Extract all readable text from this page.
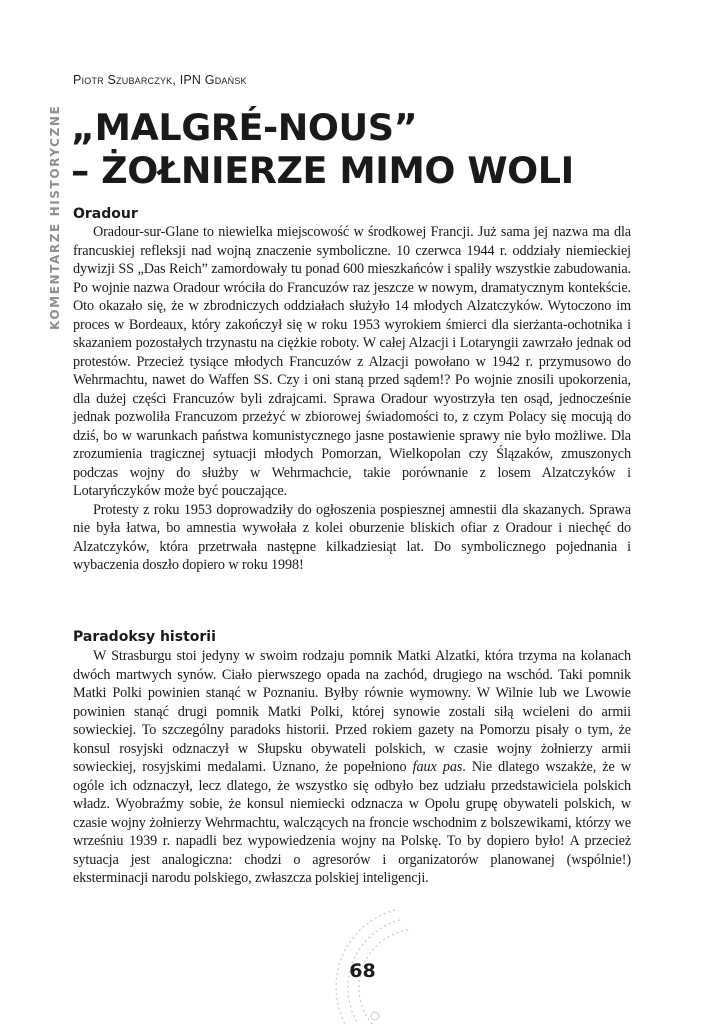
KOMENTARZE HISTORYCZNE
Piotr Szubarczyk, IPN Gdańsk
„MALGRÉ-NOUS”
– ŻOŁNIERZE MIMO WOLI
Oradour

Oradour-sur-Glane to niewielka miejscowość w środkowej Francji. Już sama jej nazwa ma dla francuskiej refleksji nad wojną znaczenie symboliczne. 10 czerwca 1944 r. oddziały niemieckiej dywizji SS „Das Reich” zamordowały tu ponad 600 mieszkańców i spaliły wszystkie zabudowania. Po wojnie nazwa Oradour wróciła do Francuzów raz jeszcze w nowym, dramatycznym kontekście. Oto okazało się, że w zbrodniczych oddziałach służyło 14 młodych Alzatczyków. Wytoczono im proces w Bordeaux, który zakończył się w roku 1953 wyrokiem śmierci dla sierżanta-ochotnika i skazaniem pozostałych trzynastu na ciężkie roboty. W całej Alzacji i Lotaryngii zawrzało jednak od protestów. Przecież tysiące młodych Francuzów z Alzacji powołano w 1942 r. przymusowo do Wehrmachtu, nawet do Waffen SS. Czy i oni staną przed sądem!? Po wojnie znosili upokorzenia, dla dużej części Francuzów byli zdrajcami. Sprawa Oradour wyostrzyła ten osąd, jednocześnie jednak pozwoliła Francuzom przeżyć w zbiorowej świadomości to, z czym Polacy się mocują do dziś, bo w warunkach państwa komunistycznego jasne postawienie sprawy nie było możliwe. Dla zrozumienia tragicznej sytuacji młodych Pomorzan, Wielkopolan czy Ślązaków, zmuszonych podczas wojny do służby w Wehrmachcie, takie porównanie z losem Alzatczyków i Lotaryńczyków może być pouczające.

Protesty z roku 1953 doprowadziły do ogłoszenia pospiesznej amnestii dla skazanych. Sprawa nie była łatwa, bo amnestia wywołała z kolei oburzenie bliskich ofiar z Oradour i niechęć do Alzatczyków, która przetrwała następne kilkadziesiąt lat. Do symbolicznego pojednania i wybaczenia doszło dopiero w roku 1998!

Paradoksy historii

W Strasburgu stoi jedyny w swoim rodzaju pomnik Matki Alzatki, która trzyma na kolanach dwóch martwych synów. Ciało pierwszego opada na zachód, drugiego na wschód. Taki pomnik Matki Polki powinien stanąć w Poznaniu. Byłby równie wymowny. W Wilnie lub we Lwowie powinien stanąć drugi pomnik Matki Polki, której synowie zostali siłą wcieleni do armii sowieckiej. To szczególny paradoks historii. Przed rokiem gazety na Pomorzu pisały o tym, że konsul rosyjski odznaczył w Słupsku obywateli polskich, w czasie wojny żołnierzy armii sowieckiej, rosyjskimi medalami. Uznano, że popełniono faux pas. Nie dlatego wszakże, że w ogóle ich odznaczył, lecz dlatego, że wszystko się odbyło bez udziału przedstawiciela polskich władz. Wyobraźmy sobie, że konsul niemiecki odznacza w Opolu grupę obywateli polskich, w czasie wojny żołnierzy Wehrmachtu, walczących na froncie wschodnim z bolszewikami, którzy we wrześniu 1939 r. napadli bez wypowiedzenia wojny na Polskę. To by dopiero było! A przecież sytuacja jest analogiczna: chodzi o agresorów i organizatorów planowanej (wspólnie!) eksterminacji narodu polskiego, zwłaszcza polskiej inteligencji.

68
